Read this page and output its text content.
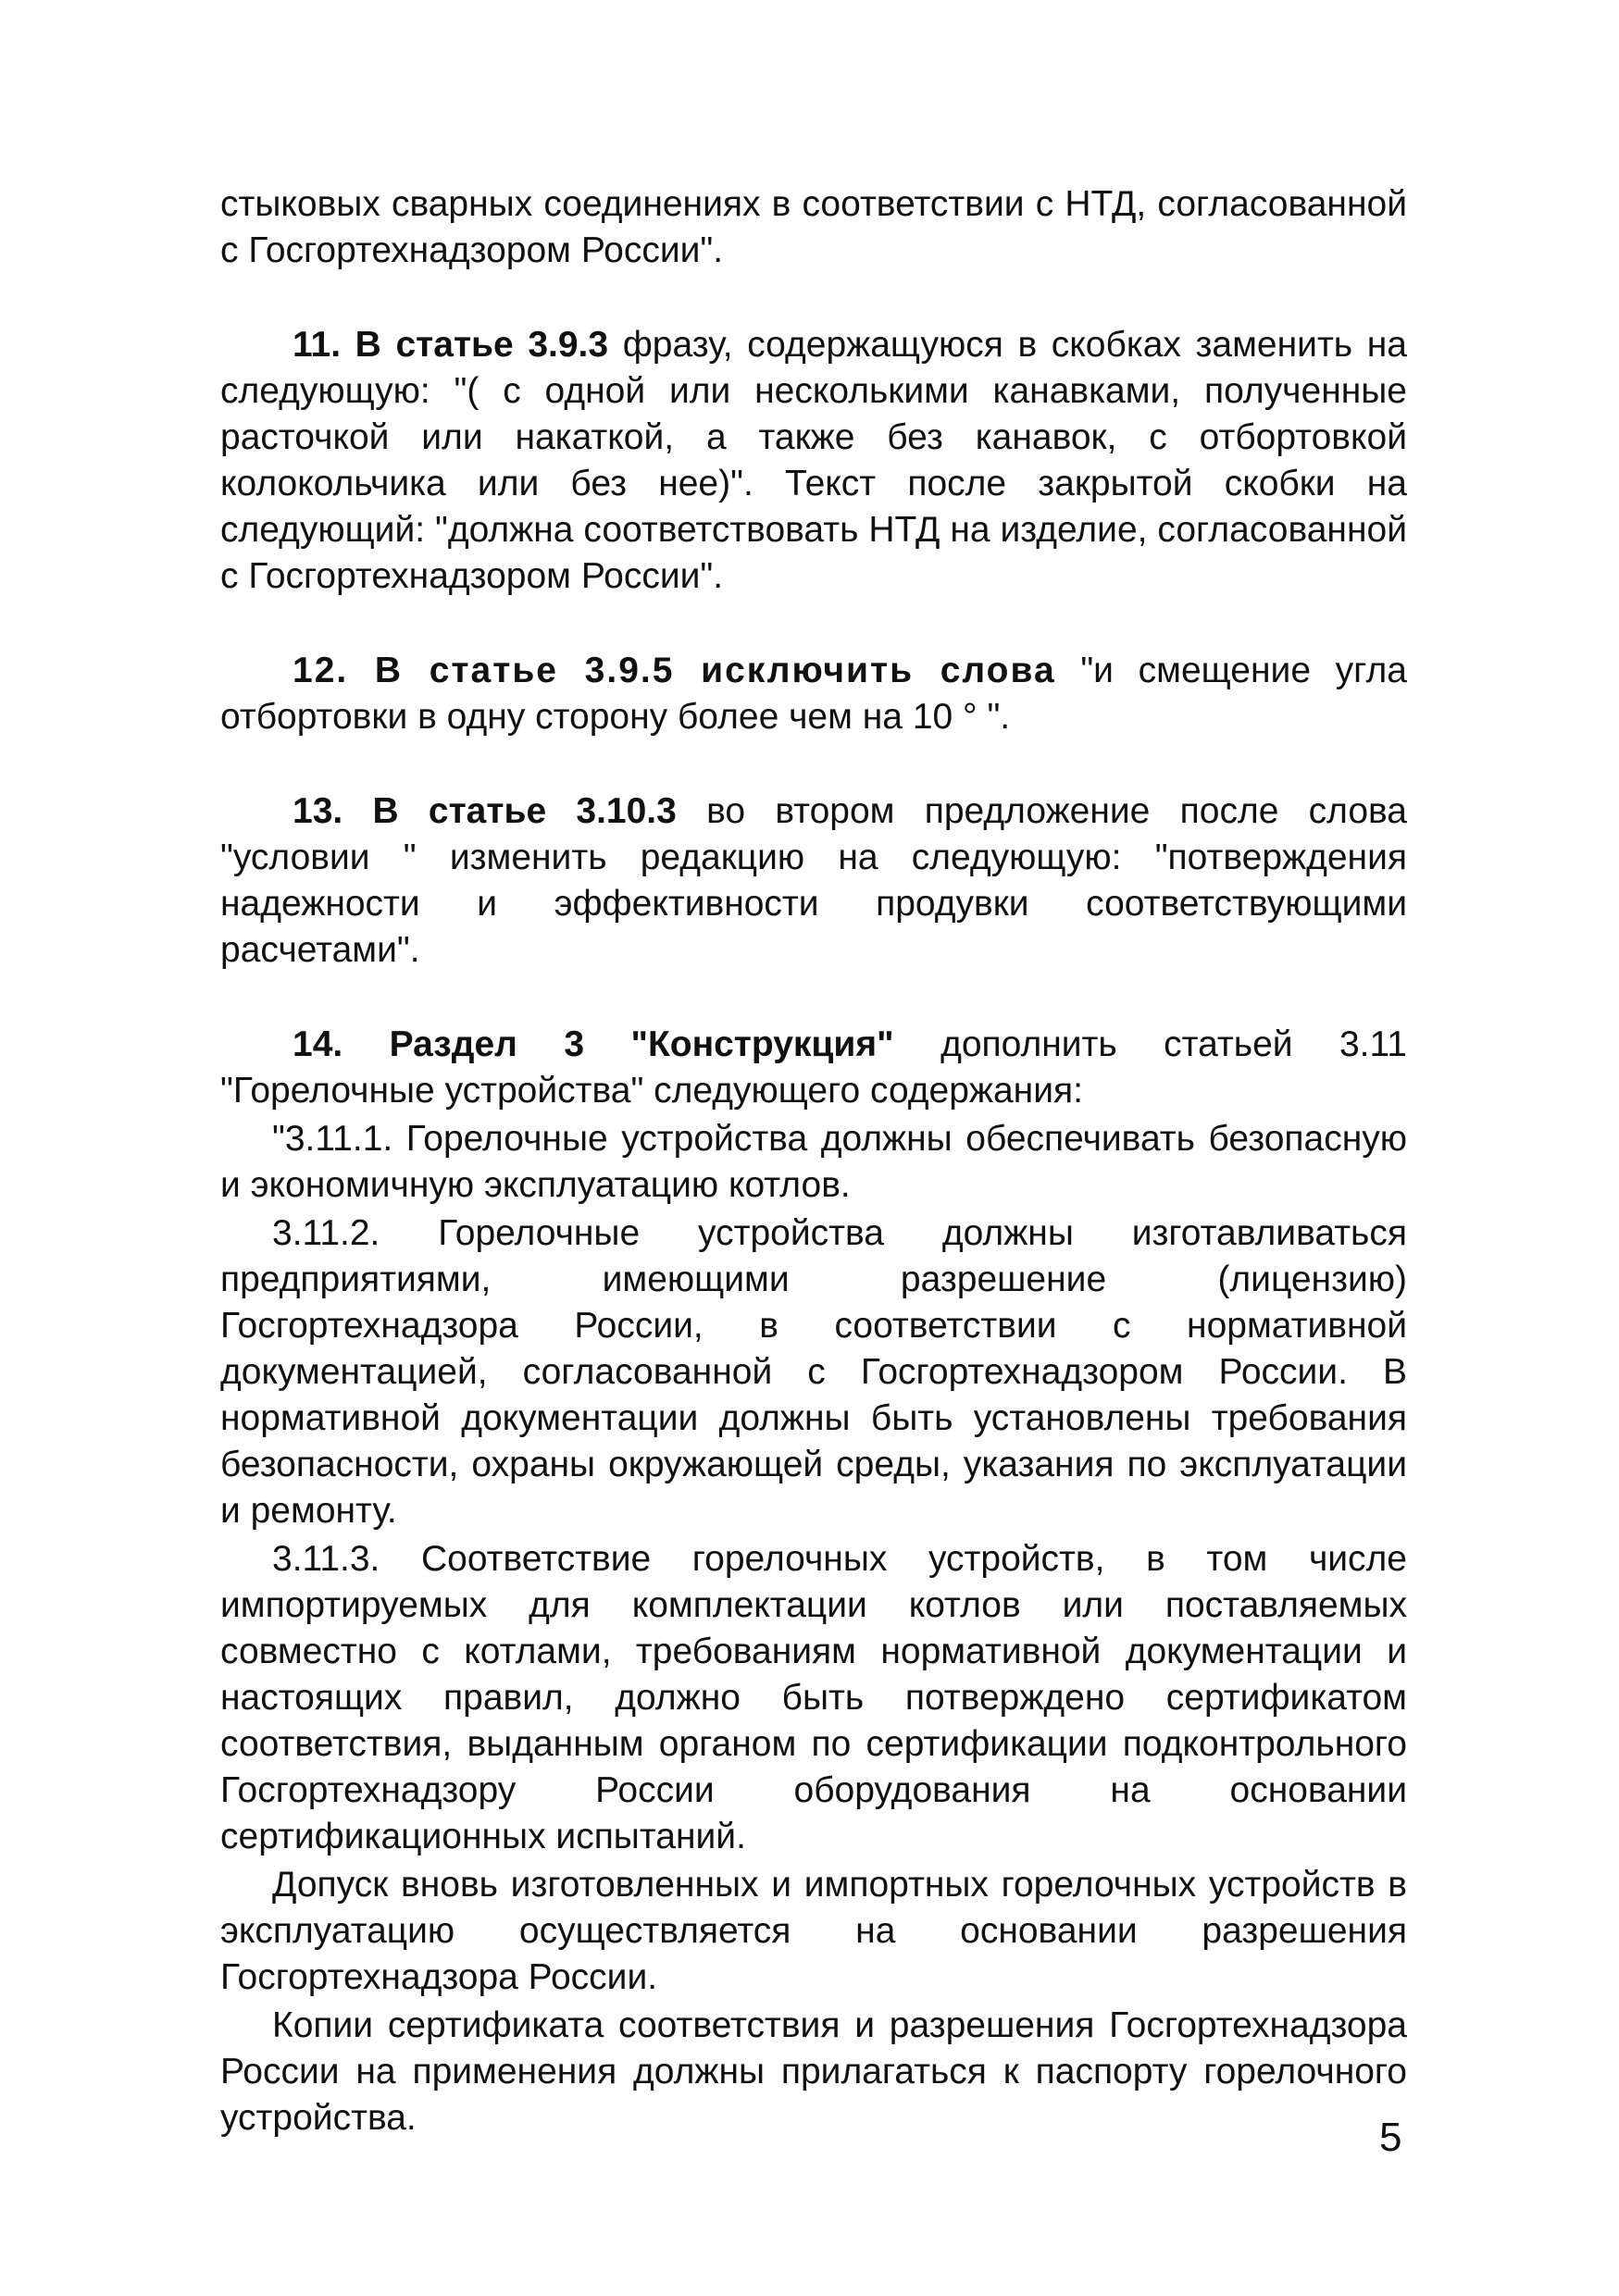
стыковых сварных соединениях в соответствии с НТД, согласованной с Госгортехнадзором России".

11. В статье 3.9.3 фразу, содержащуюся в скобках заменить на следующую: "( с одной или несколькими канавками, полученные расточкой или накаткой, а также без канавок, с отбортовкой колокольчика или без нее)". Текст после закрытой скобки на следующий: "должна соответствовать НТД на изделие, согласованной с Госгортехнадзором России".

12. В статье 3.9.5 исключить слова "и смещение угла отбортовки в одну сторону более чем на 10 ° ".

13. В статье 3.10.3 во втором предложение после слова "условии " изменить редакцию на следующую: "потверждения надежности и эффективности продувки соответствующими расчетами".

14. Раздел 3 "Конструкция" дополнить статьей 3.11 "Горелочные устройства" следующего содержания:

"3.11.1. Горелочные устройства должны обеспечивать безопасную и экономичную эксплуатацию котлов.

3.11.2. Горелочные устройства должны изготавливаться предприятиями, имеющими разрешение (лицензию) Госгортехнадзора России, в соответствии с нормативной документацией, согласованной с Госгортехнадзором России. В нормативной документации должны быть установлены требования безопасности, охраны окружающей среды, указания по эксплуатации и ремонту.

3.11.3. Соответствие горелочных устройств, в том числе импортируемых для комплектации котлов или поставляемых совместно с котлами, требованиям нормативной документации и настоящих правил, должно быть потверждено сертификатом соответствия, выданным органом по сертификации подконтрольного Госгортехнадзору России оборудования на основании сертификационных испытаний.

Допуск вновь изготовленных и импортных горелочных устройств в эксплуатацию осуществляется на основании разрешения Госгортехнадзора России.

Копии сертификата соответствия и разрешения Госгортехнадзора России на применения должны прилагаться к паспорту горелочного устройства.	5
